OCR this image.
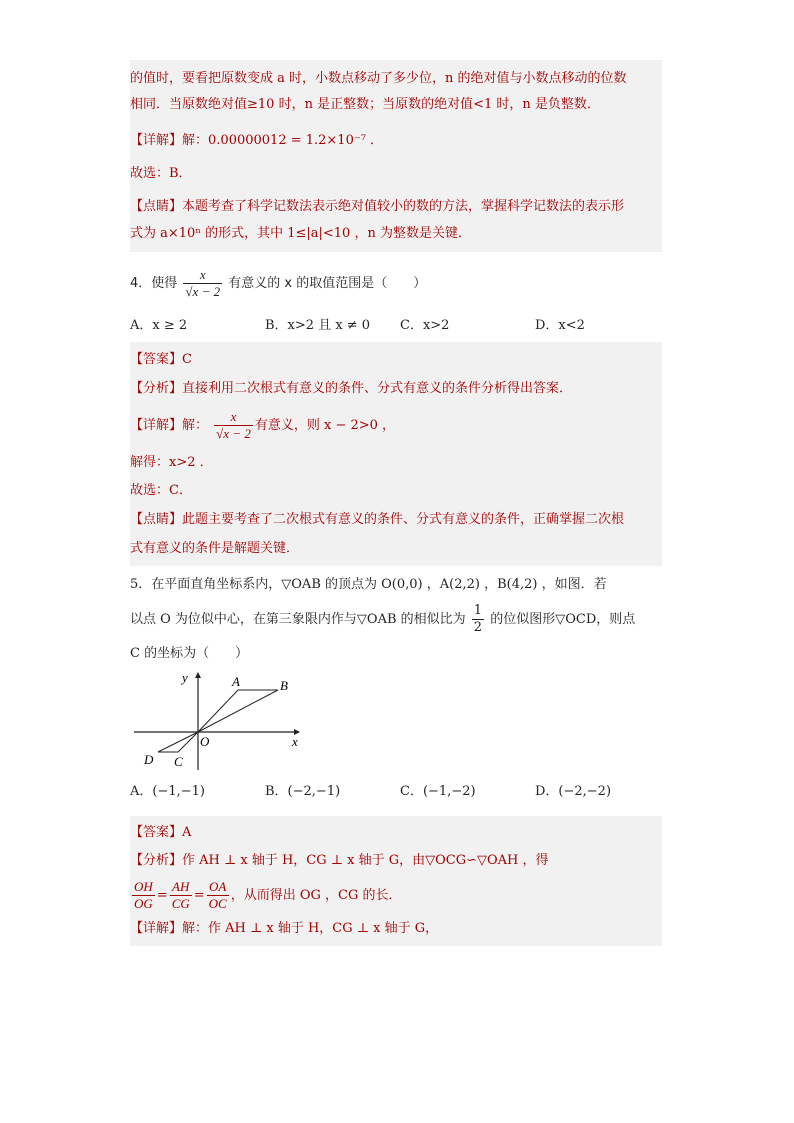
的值时，要看把原数变成 a 时，小数点移动了多少位，n 的绝对值与小数点移动的位数
相同．当原数绝对值≥10 时，n 是正整数；当原数的绝对值<1 时，n 是负整数．
【详解】解：0.00000012 = 1.2×10⁻⁷ ．
故选：B．
【点睛】本题考查了科学记数法表示绝对值较小的数的方法，掌握科学记数法的表示形
式为 a×10ⁿ 的形式，其中 1≤|a|<10 ，n 为整数是关键．
4．使得 $\frac{x}{√x - 2}$ 有意义的 x 的取值范围是（　　）
A．x ≥ 2	B．x>2 且 x ≠ 0 C．x>2	D．x<2
【答案】C
【分析】直接利用二次根式有意义的条件、分式有意义的条件分析得出答案．
【详解】解： $\frac{x}{√x - 2}$ 有意义，则 x − 2>0 ，
解得：x>2 ．
故选：C．
【点睛】此题主要考查了二次根式有意义的条件、分式有意义的条件，正确掌握二次根
式有意义的条件是解题关键．
5．在平面直角坐标系内，▽OAB 的顶点为 O(0,0) ，A(2,2) ，B(4,2) ，如图．若
以点 O 为位似中心，在第三象限内作与▽OAB 的相似比为 $\frac{1}{2}$ 的位似图形▽OCD，则点
C 的坐标为（　　）
y
x
A	B
O
C
D
A．(−1,−1)	B．(−2,−1)	C．(−1,−2)	D．(−2,−2)
【答案】A
【分析】作 AH ⊥ x 轴于 H，CG ⊥ x 轴于 G，由▽OCG∽▽OAH ，得
$\frac{OH}{OG} = \frac{AH}{CG} = \frac{OA}{OC}$ ，从而得出 OG ，CG 的长．
【详解】解：作 AH ⊥ x 轴于 H，CG ⊥ x 轴于 G，
